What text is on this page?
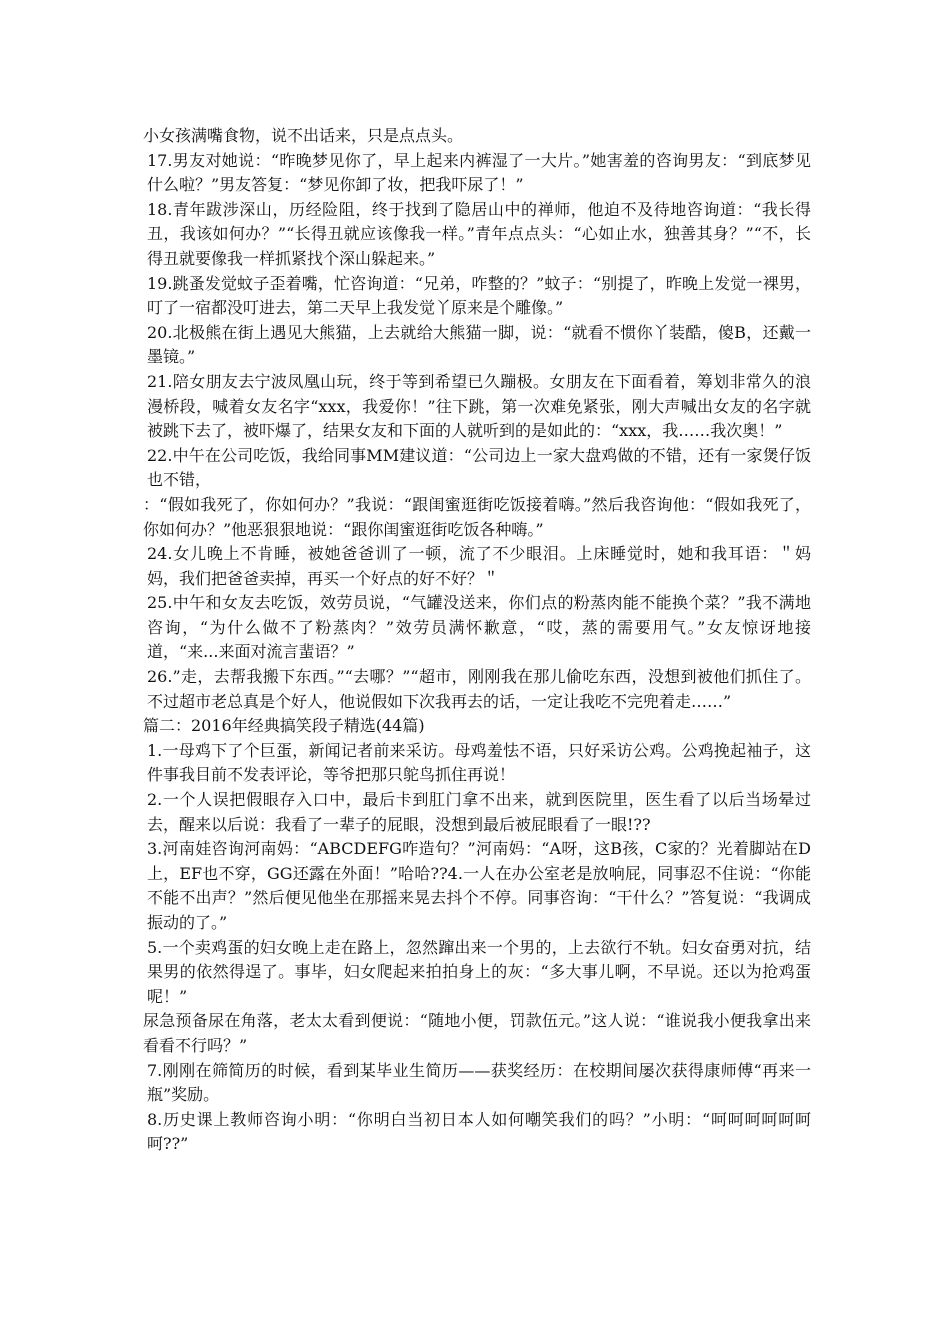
小女孩满嘴食物，说不出话来，只是点点头。

17.男友对她说：“昨晚梦见你了，早上起来内裤湿了一大片。”她害羞的咨询男友：“到底梦见什么啦？”男友答复：“梦见你卸了妆，把我吓尿了！”

18.青年跋涉深山，历经险阻，终于找到了隐居山中的禅师，他迫不及待地咨询道：“我长得丑，我该如何办？”“长得丑就应该像我一样。”青年点点头：“心如止水，独善其身？”“不，长得丑就要像我一样抓紧找个深山躲起来。”

19.跳蚤发觉蚊子歪着嘴，忙咨询道：“兄弟，咋整的？”蚊子：“别提了，昨晚上发觉一裸男，叮了一宿都没叮进去，第二天早上我发觉丫原来是个雕像。”

20.北极熊在街上遇见大熊猫，上去就给大熊猫一脚，说：“就看不惯你丫装酷，傻B，还戴一墨镜。”

21.陪女朋友去宁波凤凰山玩，终于等到希望已久蹦极。女朋友在下面看着，筹划非常久的浪漫桥段，喊着女友名字“xxx，我爱你！”往下跳，第一次难免紧张，刚大声喊出女友的名字就被跳下去了，被吓爆了，结果女友和下面的人就听到的是如此的：“xxx，我……我次奥！”

22.中午在公司吃饭，我给同事MM建议道：“公司边上一家大盘鸡做的不错，还有一家煲仔饭也不错，

：“假如我死了，你如何办？”我说：“跟闺蜜逛街吃饭接着嗨。”然后我咨询他：“假如我死了，你如何办？”他恶狠狠地说：“跟你闺蜜逛街吃饭各种嗨。”

24.女儿晚上不肯睡，被她爸爸训了一顿，流了不少眼泪。上床睡觉时，她和我耳语：＂妈妈，我们把爸爸卖掉，再买一个好点的好不好？＂

25.中午和女友去吃饭，效劳员说，“气罐没送来，你们点的粉蒸肉能不能换个菜？”我不满地咨询，“为什么做不了粉蒸肉？”效劳员满怀歉意，“哎，蒸的需要用气。”女友惊讶地接道，“来...来面对流言蜚语？”

26.”走，去帮我搬下东西。”“去哪？”“超市，刚刚我在那儿偷吃东西，没想到被他们抓住了。不过超市老总真是个好人，他说假如下次我再去的话，一定让我吃不完兜着走……”

篇二：2016年经典搞笑段子精选(44篇)

1.一母鸡下了个巨蛋，新闻记者前来采访。母鸡羞怯不语，只好采访公鸡。公鸡挽起袖子，这件事我目前不发表评论，等爷把那只鸵鸟抓住再说！

2.一个人误把假眼存入口中，最后卡到肛门拿不出来，就到医院里，医生看了以后当场晕过去，醒来以后说：我看了一辈子的屁眼，没想到最后被屁眼看了一眼!??

3.河南娃咨询河南妈：“ABCDEFG咋造句？”河南妈：“A呀，这B孩，C家的？光着脚站在D上，EF也不穿，GG还露在外面！”哈哈??4.一人在办公室老是放响屁，同事忍不住说：“你能不能不出声？”然后便见他坐在那摇来晃去抖个不停。同事咨询：“干什么？”答复说：“我调成振动的了。”

5.一个卖鸡蛋的妇女晚上走在路上，忽然蹿出来一个男的，上去欲行不轨。妇女奋勇对抗，结果男的依然得逞了。事毕，妇女爬起来拍拍身上的灰：“多大事儿啊，不早说。还以为抢鸡蛋呢！”

尿急预备尿在角落，老太太看到便说：“随地小便，罚款伍元。”这人说：“谁说我小便我拿出来看看不行吗？”

7.刚刚在筛简历的时候，看到某毕业生简历——获奖经历：在校期间屡次获得康师傅“再来一瓶”奖励。

8.历史课上教师咨询小明：“你明白当初日本人如何嘲笑我们的吗？”小明：“呵呵呵呵呵呵呵??”
